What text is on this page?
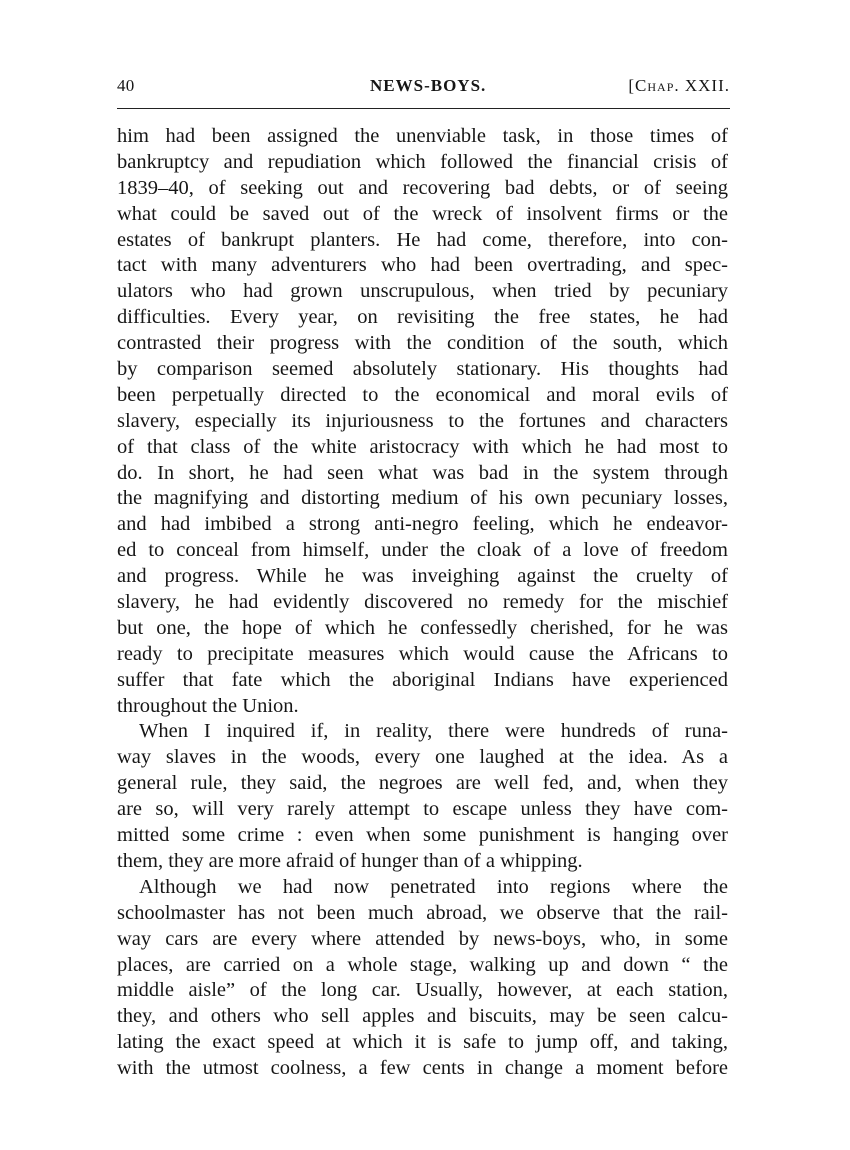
40	NEWS-BOYS.	[Chap. XXII.
him had been assigned the unenviable task, in those times of
bankruptcy and repudiation which followed the financial crisis of
1839–40, of seeking out and recovering bad debts, or of seeing
what could be saved out of the wreck of insolvent firms or the
estates of bankrupt planters. He had come, therefore, into con-
tact with many adventurers who had been overtrading, and spec-
ulators who had grown unscrupulous, when tried by pecuniary
difficulties. Every year, on revisiting the free states, he had
contrasted their progress with the condition of the south, which
by comparison seemed absolutely stationary. His thoughts had
been perpetually directed to the economical and moral evils of
slavery, especially its injuriousness to the fortunes and characters
of that class of the white aristocracy with which he had most to
do. In short, he had seen what was bad in the system through
the magnifying and distorting medium of his own pecuniary losses,
and had imbibed a strong anti-negro feeling, which he endeavor-
ed to conceal from himself, under the cloak of a love of freedom
and progress. While he was inveighing against the cruelty of
slavery, he had evidently discovered no remedy for the mischief
but one, the hope of which he confessedly cherished, for he was
ready to precipitate measures which would cause the Africans to
suffer that fate which the aboriginal Indians have experienced
throughout the Union.
When I inquired if, in reality, there were hundreds of runa-
way slaves in the woods, every one laughed at the idea. As a
general rule, they said, the negroes are well fed, and, when they
are so, will very rarely attempt to escape unless they have com-
mitted some crime : even when some punishment is hanging over
them, they are more afraid of hunger than of a whipping.
Although we had now penetrated into regions where the
schoolmaster has not been much abroad, we observe that the rail-
way cars are every where attended by news-boys, who, in some
places, are carried on a whole stage, walking up and down “ the
middle aisle” of the long car. Usually, however, at each station,
they, and others who sell apples and biscuits, may be seen calcu-
lating the exact speed at which it is safe to jump off, and taking,
with the utmost coolness, a few cents in change a moment before
